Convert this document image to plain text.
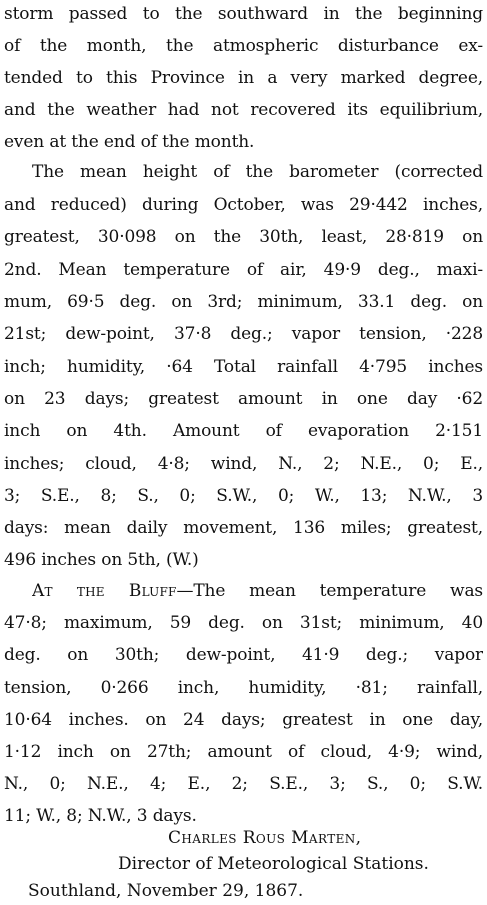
storm passed to the southward in the beginning
of the month, the atmospheric disturbance ex-
tended to this Province in a very marked degree,
and the weather had not recovered its equilibrium,
even at the end of the month.
The mean height of the barometer (corrected
and reduced) during October, was 29·442 inches,
greatest, 30·098 on the 30th, least, 28·819 on
2nd. Mean temperature of air, 49·9 deg., maxi-
mum, 69·5 deg. on 3rd; minimum, 33.1 deg. on
21st; dew-point, 37·8 deg.; vapor tension, ·228
inch; humidity, ·64 Total rainfall 4·795 inches
on 23 days; greatest amount in one day ·62
inch on 4th. Amount of evaporation 2·151
inches; cloud, 4·8; wind, N., 2; N.E., 0; E.,
3; S.E., 8; S., 0; S.W., 0; W., 13; N.W., 3
days: mean daily movement, 136 miles; greatest,
496 inches on 5th, (W.)
At the Bluff—The mean temperature was
47·8; maximum, 59 deg. on 31st; minimum, 40
deg. on 30th; dew-point, 41·9 deg.; vapor
tension, 0·266 inch, humidity, ·81; rainfall,
10·64 inches. on 24 days; greatest in one day,
1·12 inch on 27th; amount of cloud, 4·9; wind,
N., 0; N.E., 4; E., 2; S.E., 3; S., 0; S.W.
11; W., 8; N.W., 3 days.
Charles Rous Marten,
Director of Meteorological Stations.
Southland, November 29, 1867.
